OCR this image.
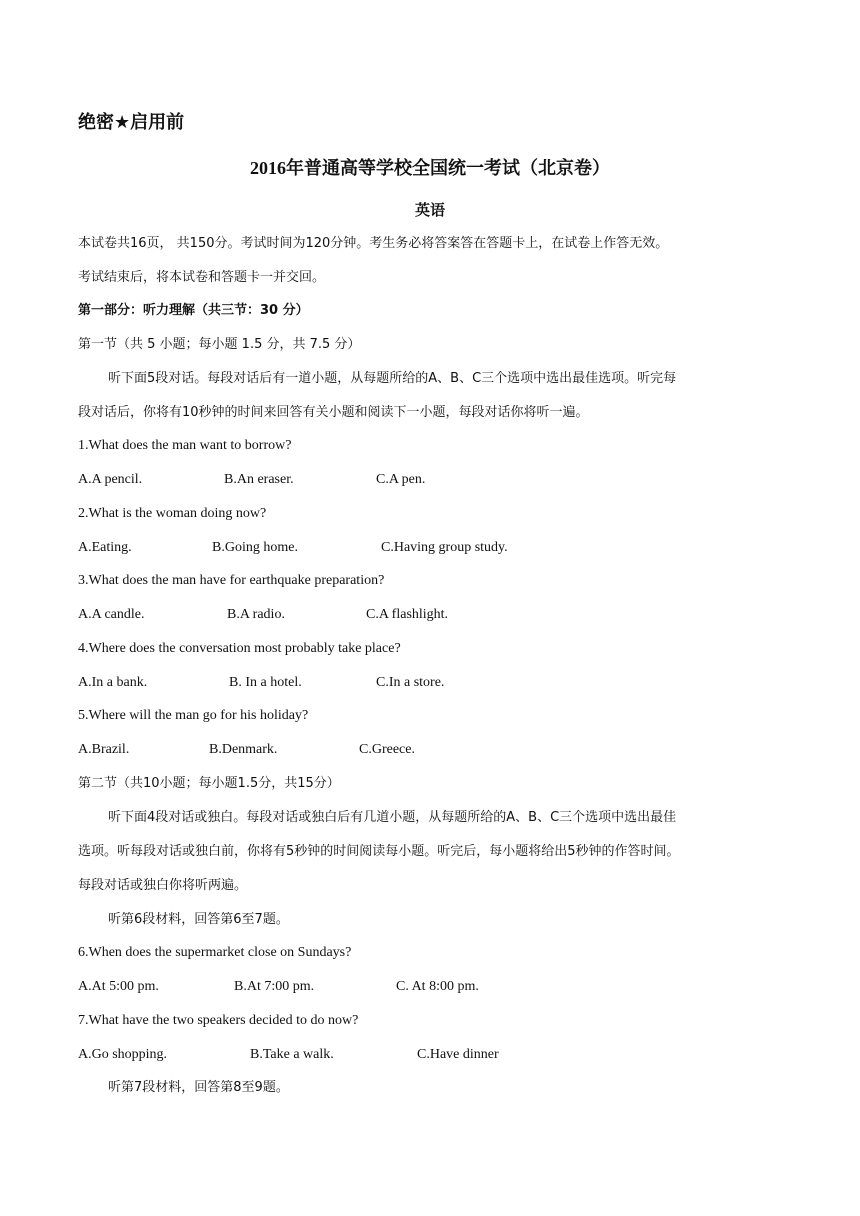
绝密★启用前
2016年普通高等学校全国统一考试（北京卷）
英语
本试卷共16页， 共150分。考试时间为120分钟。考生务必将答案答在答题卡上，在试卷上作答无效。
考试结束后，将本试卷和答题卡一并交回。
第一部分：听力理解（共三节：30 分）
第一节（共 5 小题；每小题 1.5 分，共 7.5 分）
听下面5段对话。每段对话后有一道小题，从每题所给的A、B、C三个选项中选出最佳选项。听完每
段对话后，你将有10秒钟的时间来回答有关小题和阅读下一小题，每段对话你将听一遍。
1.What does the man want to borrow?
A.A pencil.	B.An eraser.	C.A pen.
2.What is the woman doing now?
A.Eating.	B.Going home.	C.Having group study.
3.What does the man have for earthquake preparation?
A.A candle.	B.A radio.	C.A flashlight.
4.Where does the conversation most probably take place?
A.In a bank.	B. In a hotel.	C.In a store.
5.Where will the man go for his holiday?
A.Brazil.	B.Denmark.	C.Greece.
第二节（共10小题；每小题1.5分，共15分）
听下面4段对话或独白。每段对话或独白后有几道小题，从每题所给的A、B、C三个选项中选出最佳
选项。听每段对话或独白前，你将有5秒钟的时间阅读每小题。听完后，每小题将给出5秒钟的作答时间。
每段对话或独白你将听两遍。
听第6段材料，回答第6至7题。
6.When does the supermarket close on Sundays?
A.At 5:00 pm.	B.At 7:00 pm.	C. At 8:00 pm.
7.What have the two speakers decided to do now?
A.Go shopping.	B.Take a walk.	C.Have dinner
听第7段材料，回答第8至9题。
